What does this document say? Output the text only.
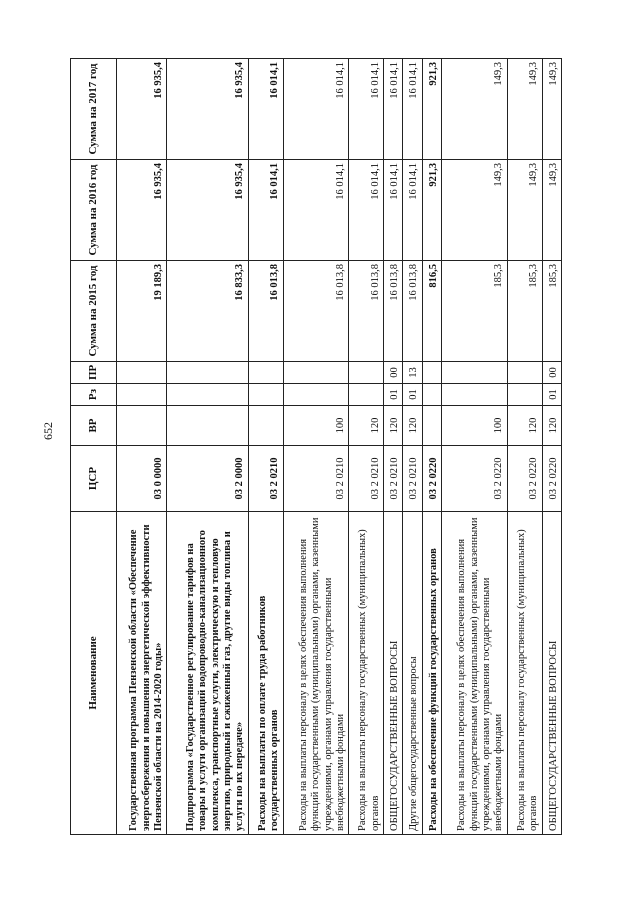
652
Наименование	ЦСР	ВР	Рз	ПР	Сумма на 2015 год	Сумма на 2016 год	Сумма на 2017 год
Государственная программа Пензенской области «Обеспечение энергосбережения и повышения энергетической эффективности Пензенской области на 2014-2020 годы»	03 0 0000				19 189,3	16 935,4	16 935,4
Подпрограмма «Государственное регулирование тарифов на товары и услуги организаций водопроводно-канализационного комплекса, транспортные услуги, электрическую и тепловую энергию, природный и сжиженный газ, другие виды топлива и услуги по их передаче»	03 2 0000				16 833,3	16 935,4	16 935,4
Расходы на выплаты по оплате труда работников государственных органов	03 2 0210				16 013,8	16 014,1	16 014,1
Расходы на выплаты персоналу в целях обеспечения выполнения функций государственными (муниципальными) органами, казенными учреждениями, органами управления государственными внебюджетными фондами	03 2 0210	100			16 013,8	16 014,1	16 014,1
Расходы на выплаты персоналу государственных (муниципальных) органов	03 2 0210	120			16 013,8	16 014,1	16 014,1
ОБЩЕГОСУДАРСТВЕННЫЕ ВОПРОСЫ	03 2 0210	120	01	00	16 013,8	16 014,1	16 014,1
Другие общегосударственные вопросы	03 2 0210	120	01	13	16 013,8	16 014,1	16 014,1
Расходы на обеспечение функций государственных органов	03 2 0220				816,5	921,3	921,3
Расходы на выплаты персоналу в целях обеспечения выполнения функций государственными (муниципальными) органами, казенными учреждениями, органами управления государственными внебюджетными фондами	03 2 0220	100			185,3	149,3	149,3
Расходы на выплаты персоналу государственных (муниципальных) органов	03 2 0220	120			185,3	149,3	149,3
ОБЩЕГОСУДАРСТВЕННЫЕ ВОПРОСЫ	03 2 0220	120	01	00	185,3	149,3	149,3
